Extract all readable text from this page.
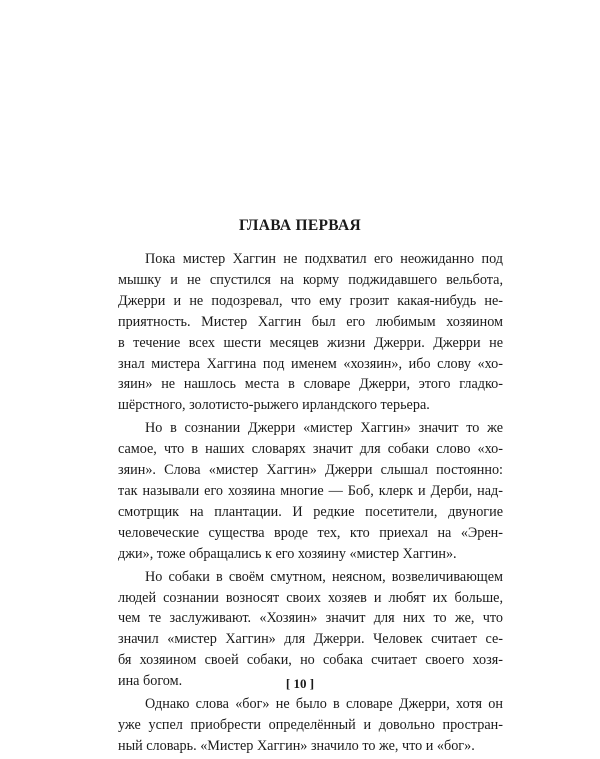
ГЛАВА ПЕРВАЯ

Пока мистер Хаггин не подхватил его неожиданно под
мышку и не спустился на корму поджидавшего вельбота,
Джерри и не подозревал, что ему грозит какая-нибудь не-
приятность. Мистер Хаггин был его любимым хозяином
в течение всех шести месяцев жизни Джерри. Джерри не
знал мистера Хаггина под именем «хозяин», ибо слову «хо-
зяин» не нашлось места в словаре Джерри, этого гладко-
шёрстного, золотисто-рыжего ирландского терьера.

Но в сознании Джерри «мистер Хаггин» значит то же
самое, что в наших словарях значит для собаки слово «хо-
зяин». Слова «мистер Хаггин» Джерри слышал постоянно:
так называли его хозяина многие — Боб, клерк и Дерби, над-
смотрщик на плантации. И редкие посетители, двуногие
человеческие существа вроде тех, кто приехал на «Эрен-
джи», тоже обращались к его хозяину «мистер Хаггин».

Но собаки в своём смутном, неясном, возвеличивающем
людей сознании возносят своих хозяев и любят их больше,
чем те заслуживают. «Хозяин» значит для них то же, что
значил «мистер Хаггин» для Джерри. Человек считает се-
бя хозяином своей собаки, но собака считает своего хозя-
ина богом.

Однако слова «бог» не было в словаре Джерри, хотя он
уже успел приобрести определённый и довольно простран-
ный словарь. «Мистер Хаггин» значило то же, что и «бог».

[ 10 ]
